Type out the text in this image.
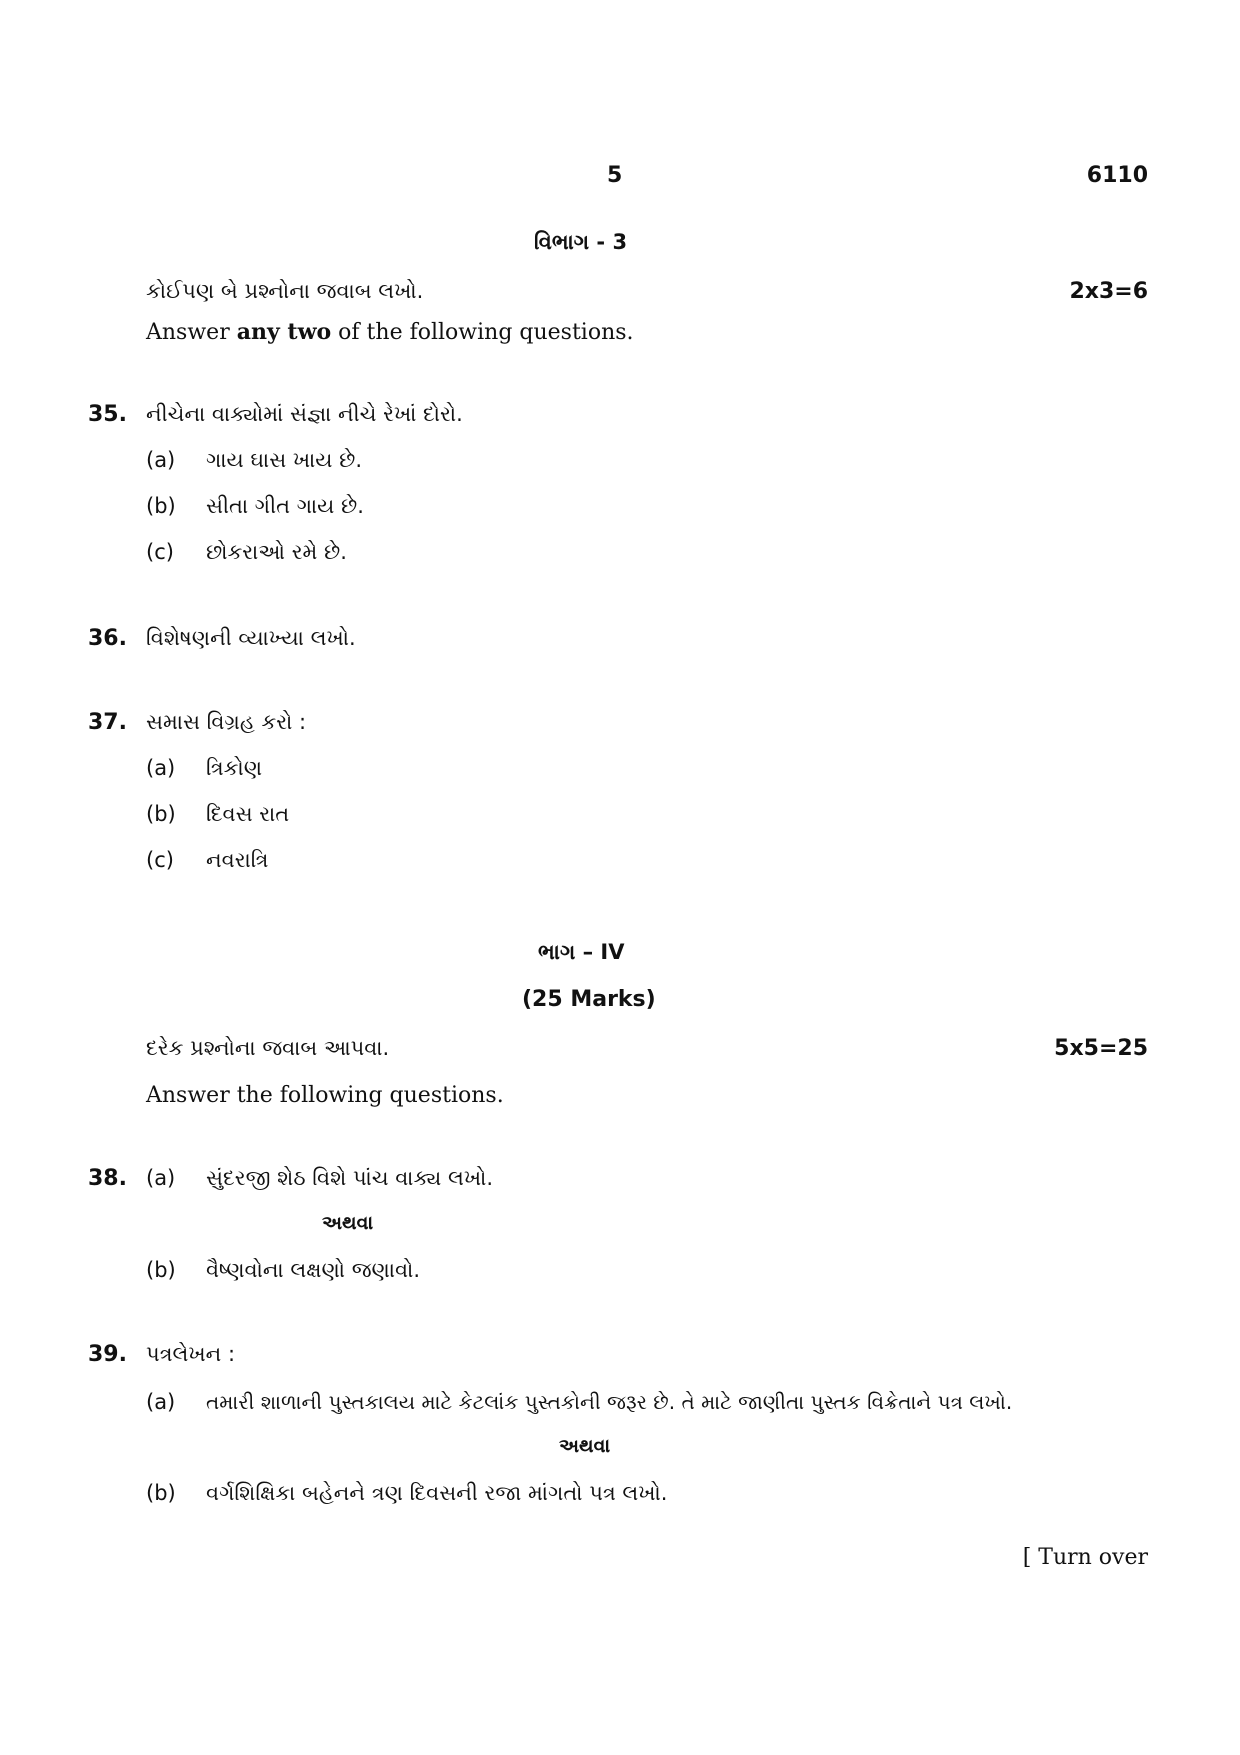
5	6110
વિભાગ - 3
કોઈપણ બે પ્રશ્નોના જવાબ લખો.	2x3=6
Answer any two of the following questions.
35. નીચેના વાક્યોમાં સંજ્ઞા નીચે રેખાં દોરો.
(a) ગાય ઘાસ ખાય છે.
(b) સીતા ગીત ગાય છે.
(c) છોકરાઓ રમે છે.
36. વિશેષણની વ્યાખ્યા લખો.
37. સમાસ વિગ્રહ કરો :
(a) ત્રિકોણ
(b) દિવસ રાત
(c) નવરાત્રિ
ભાગ – IV
(25 Marks)
દરેક પ્રશ્નોના જવાબ આપવા.	5x5=25
Answer the following questions.
38. (a) સુંદરજી શેઠ વિશે પાંચ વાક્ય લખો.
અથવા
(b) વૈષ્ણવોના લક્ષણો જણાવો.
39. પત્રલેખન :
(a) તમારી શાળાની પુસ્તકાલય માટે કેટલાંક પુસ્તકોની જરૂર છે. તે માટે જાણીતા પુસ્તક વિક્રેતાને પત્ર લખો.
અથવા
(b) વર્ગશિક્ષિકા બહેનને ત્રણ દિવસની રજા માંગતો પત્ર લખો.
[ Turn over
